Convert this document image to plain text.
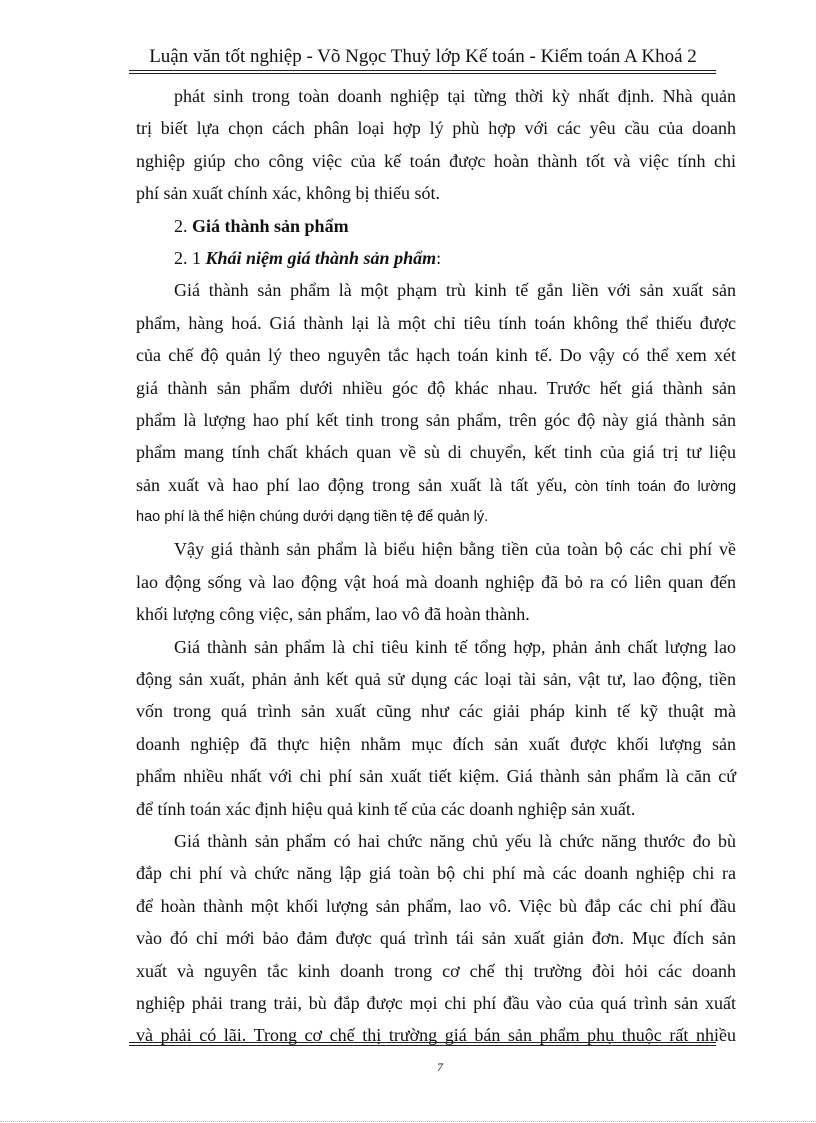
Luận văn tốt nghiệp - Võ Ngọc Thuỷ lớp Kế toán - Kiểm toán A Khoá 2
phát sinh trong toàn doanh nghiệp tại từng thời kỳ nhất định. Nhà quản
trị biết lựa chọn cách phân loại hợp lý phù hợp với các yêu cầu của doanh
nghiệp giúp cho công việc của kế toán được hoàn thành tốt và việc tính chi
phí sản xuất chính xác, không bị thiếu sót.
2. Giá thành sản phẩm
2. 1 Khái niệm giá thành sản phẩm:
Giá thành sản phẩm là một phạm trù kinh tế gắn liền với sản xuất sản
phẩm, hàng hoá. Giá thành lại là một chỉ tiêu tính toán không thể thiếu được
của chế độ quản lý theo nguyên tắc hạch toán kinh tế. Do vậy có thể xem xét
giá thành sản phẩm dưới nhiều góc độ khác nhau. Trước hết giá thành sản
phẩm là lượng hao phí kết tinh trong sản phẩm, trên góc độ này giá thành sản
phẩm mang tính chất khách quan về sù di chuyển, kết tinh của giá trị tư liệu
sản xuất và hao phí lao động trong sản xuất là tất yếu, còn tính toán đo lường
hao phí là thể hiện chúng dưới dạng tiền tệ để quản lý.
Vậy giá thành sản phẩm là biểu hiện bằng tiền của toàn bộ các chi phí về
lao động sống và lao động vật hoá mà doanh nghiệp đã bỏ ra có liên quan đến
khối lượng công việc, sản phẩm, lao vô đã hoàn thành.
Giá thành sản phẩm là chỉ tiêu kinh tế tổng hợp, phản ảnh chất lượng lao
động sản xuất, phản ảnh kết quả sử dụng các loại tài sản, vật tư, lao động, tiền
vốn trong quá trình sản xuất cũng như các giải pháp kinh tế kỹ thuật mà
doanh nghiệp đã thực hiện nhằm mục đích sản xuất được khối lượng sản
phẩm nhiều nhất với chi phí sản xuất tiết kiệm. Giá thành sản phẩm là căn cứ
để tính toán xác định hiệu quả kinh tế của các doanh nghiệp sản xuất.
Giá thành sản phẩm có hai chức năng chủ yếu là chức năng thước đo bù
đắp chi phí và chức năng lập giá toàn bộ chi phí mà các doanh nghiệp chi ra
để hoàn thành một khối lượng sản phẩm, lao vô. Việc bù đắp các chi phí đầu
vào đó chỉ mới bảo đảm được quá trình tái sản xuất giản đơn. Mục đích sản
xuất và nguyên tắc kinh doanh trong cơ chế thị trường đòi hỏi các doanh
nghiệp phải trang trải, bù đắp được mọi chi phí đầu vào của quá trình sản xuất
và phải có lãi. Trong cơ chế thị trường giá bán sản phẩm phụ thuộc rất nhiều
7
